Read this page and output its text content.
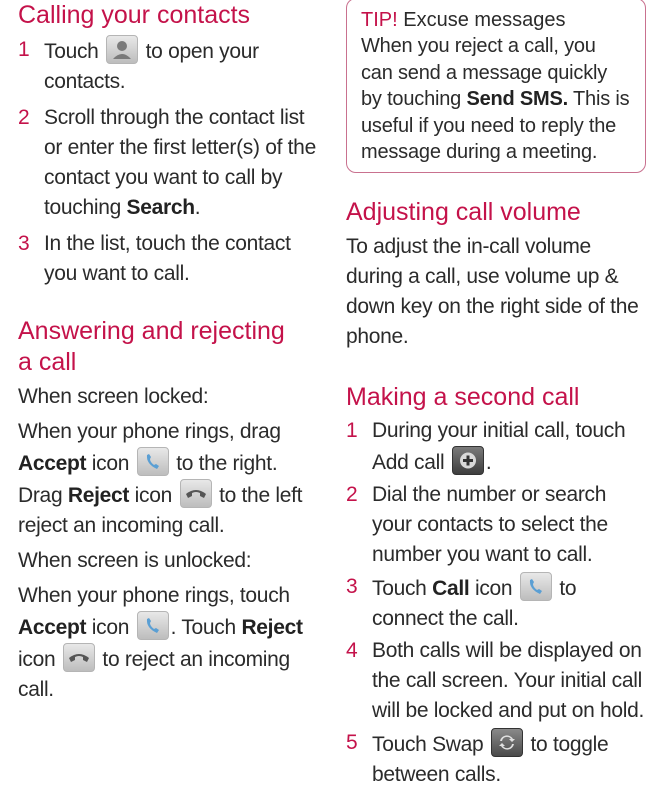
Calling your contacts
1 Touch to open your contacts.
2 Scroll through the contact list or enter the first letter(s) of the contact you want to call by touching Search.
3 In the list, touch the contact you want to call.
Answering and rejecting
a call
When screen locked:
When your phone rings, drag Accept icon to the right.
Drag Reject icon to the left reject an incoming call.
When screen is unlocked:
When your phone rings, touch Accept icon . Touch Reject icon to reject an incoming call.
TIP! Excuse messages
When you reject a call, you can send a message quickly by touching Send SMS. This is useful if you need to reply the message during a meeting.
Adjusting call volume
To adjust the in-call volume during a call, use volume up & down key on the right side of the phone.
Making a second call
1 During your initial call, touch Add call .
2 Dial the number or search your contacts to select the number you want to call.
3 Touch Call icon to connect the call.
4 Both calls will be displayed on the call screen. Your initial call will be locked and put on hold.
5 Touch Swap to toggle between calls.
